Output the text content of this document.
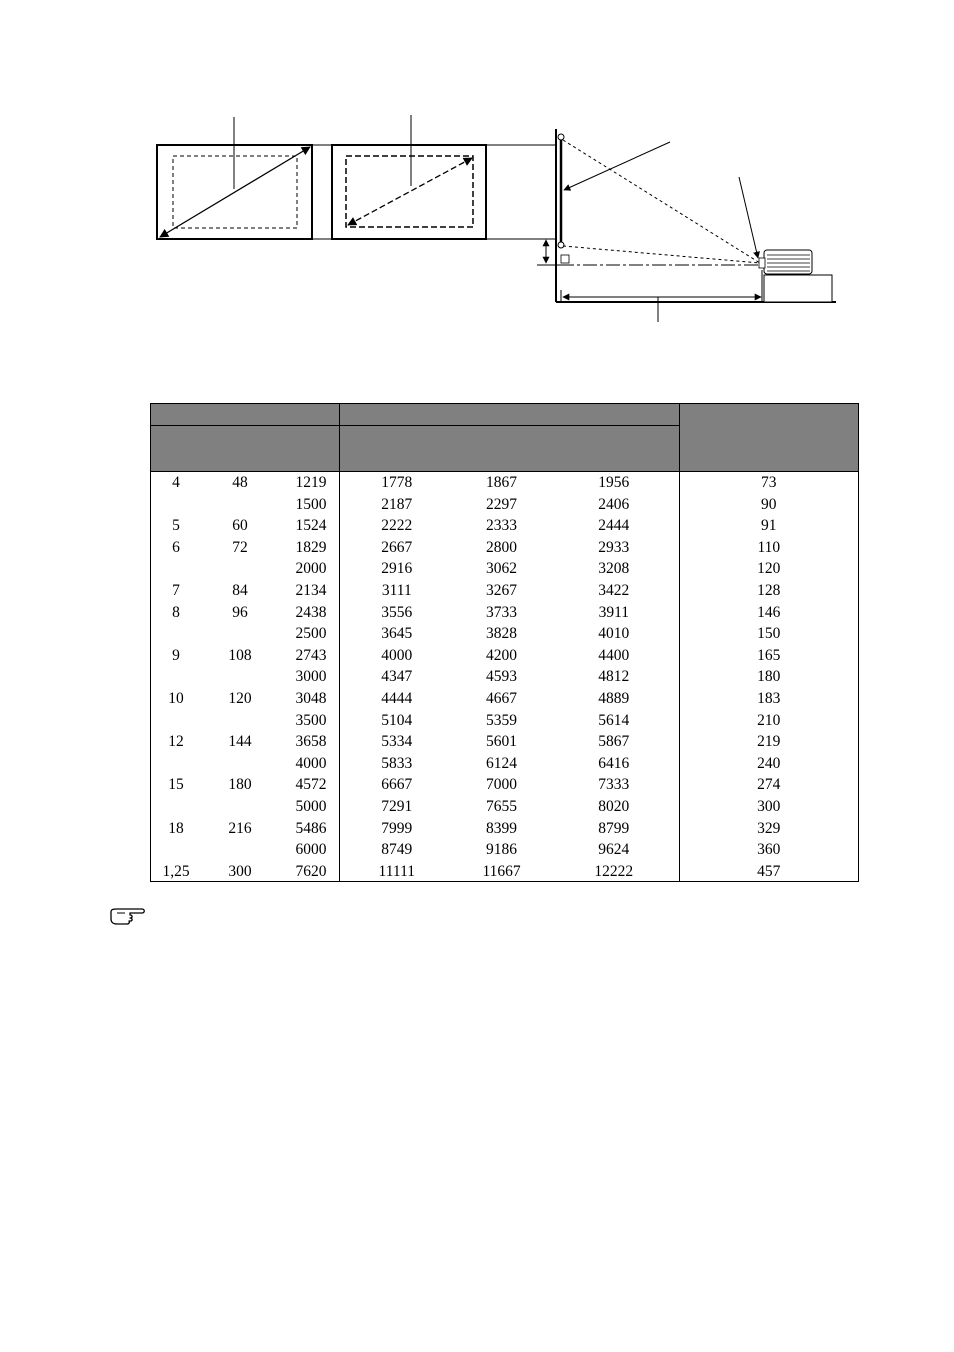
4	48	1219	1778	1867	1956	73
		1500	2187	2297	2406	90
5	60	1524	2222	2333	2444	91
6	72	1829	2667	2800	2933	110
		2000	2916	3062	3208	120
7	84	2134	3111	3267	3422	128
8	96	2438	3556	3733	3911	146
		2500	3645	3828	4010	150
9	108	2743	4000	4200	4400	165
		3000	4347	4593	4812	180
10	120	3048	4444	4667	4889	183
		3500	5104	5359	5614	210
12	144	3658	5334	5601	5867	219
		4000	5833	6124	6416	240
15	180	4572	6667	7000	7333	274
		5000	7291	7655	8020	300
18	216	5486	7999	8399	8799	329
		6000	8749	9186	9624	360
1,25	300	7620	11111	11667	12222	457
